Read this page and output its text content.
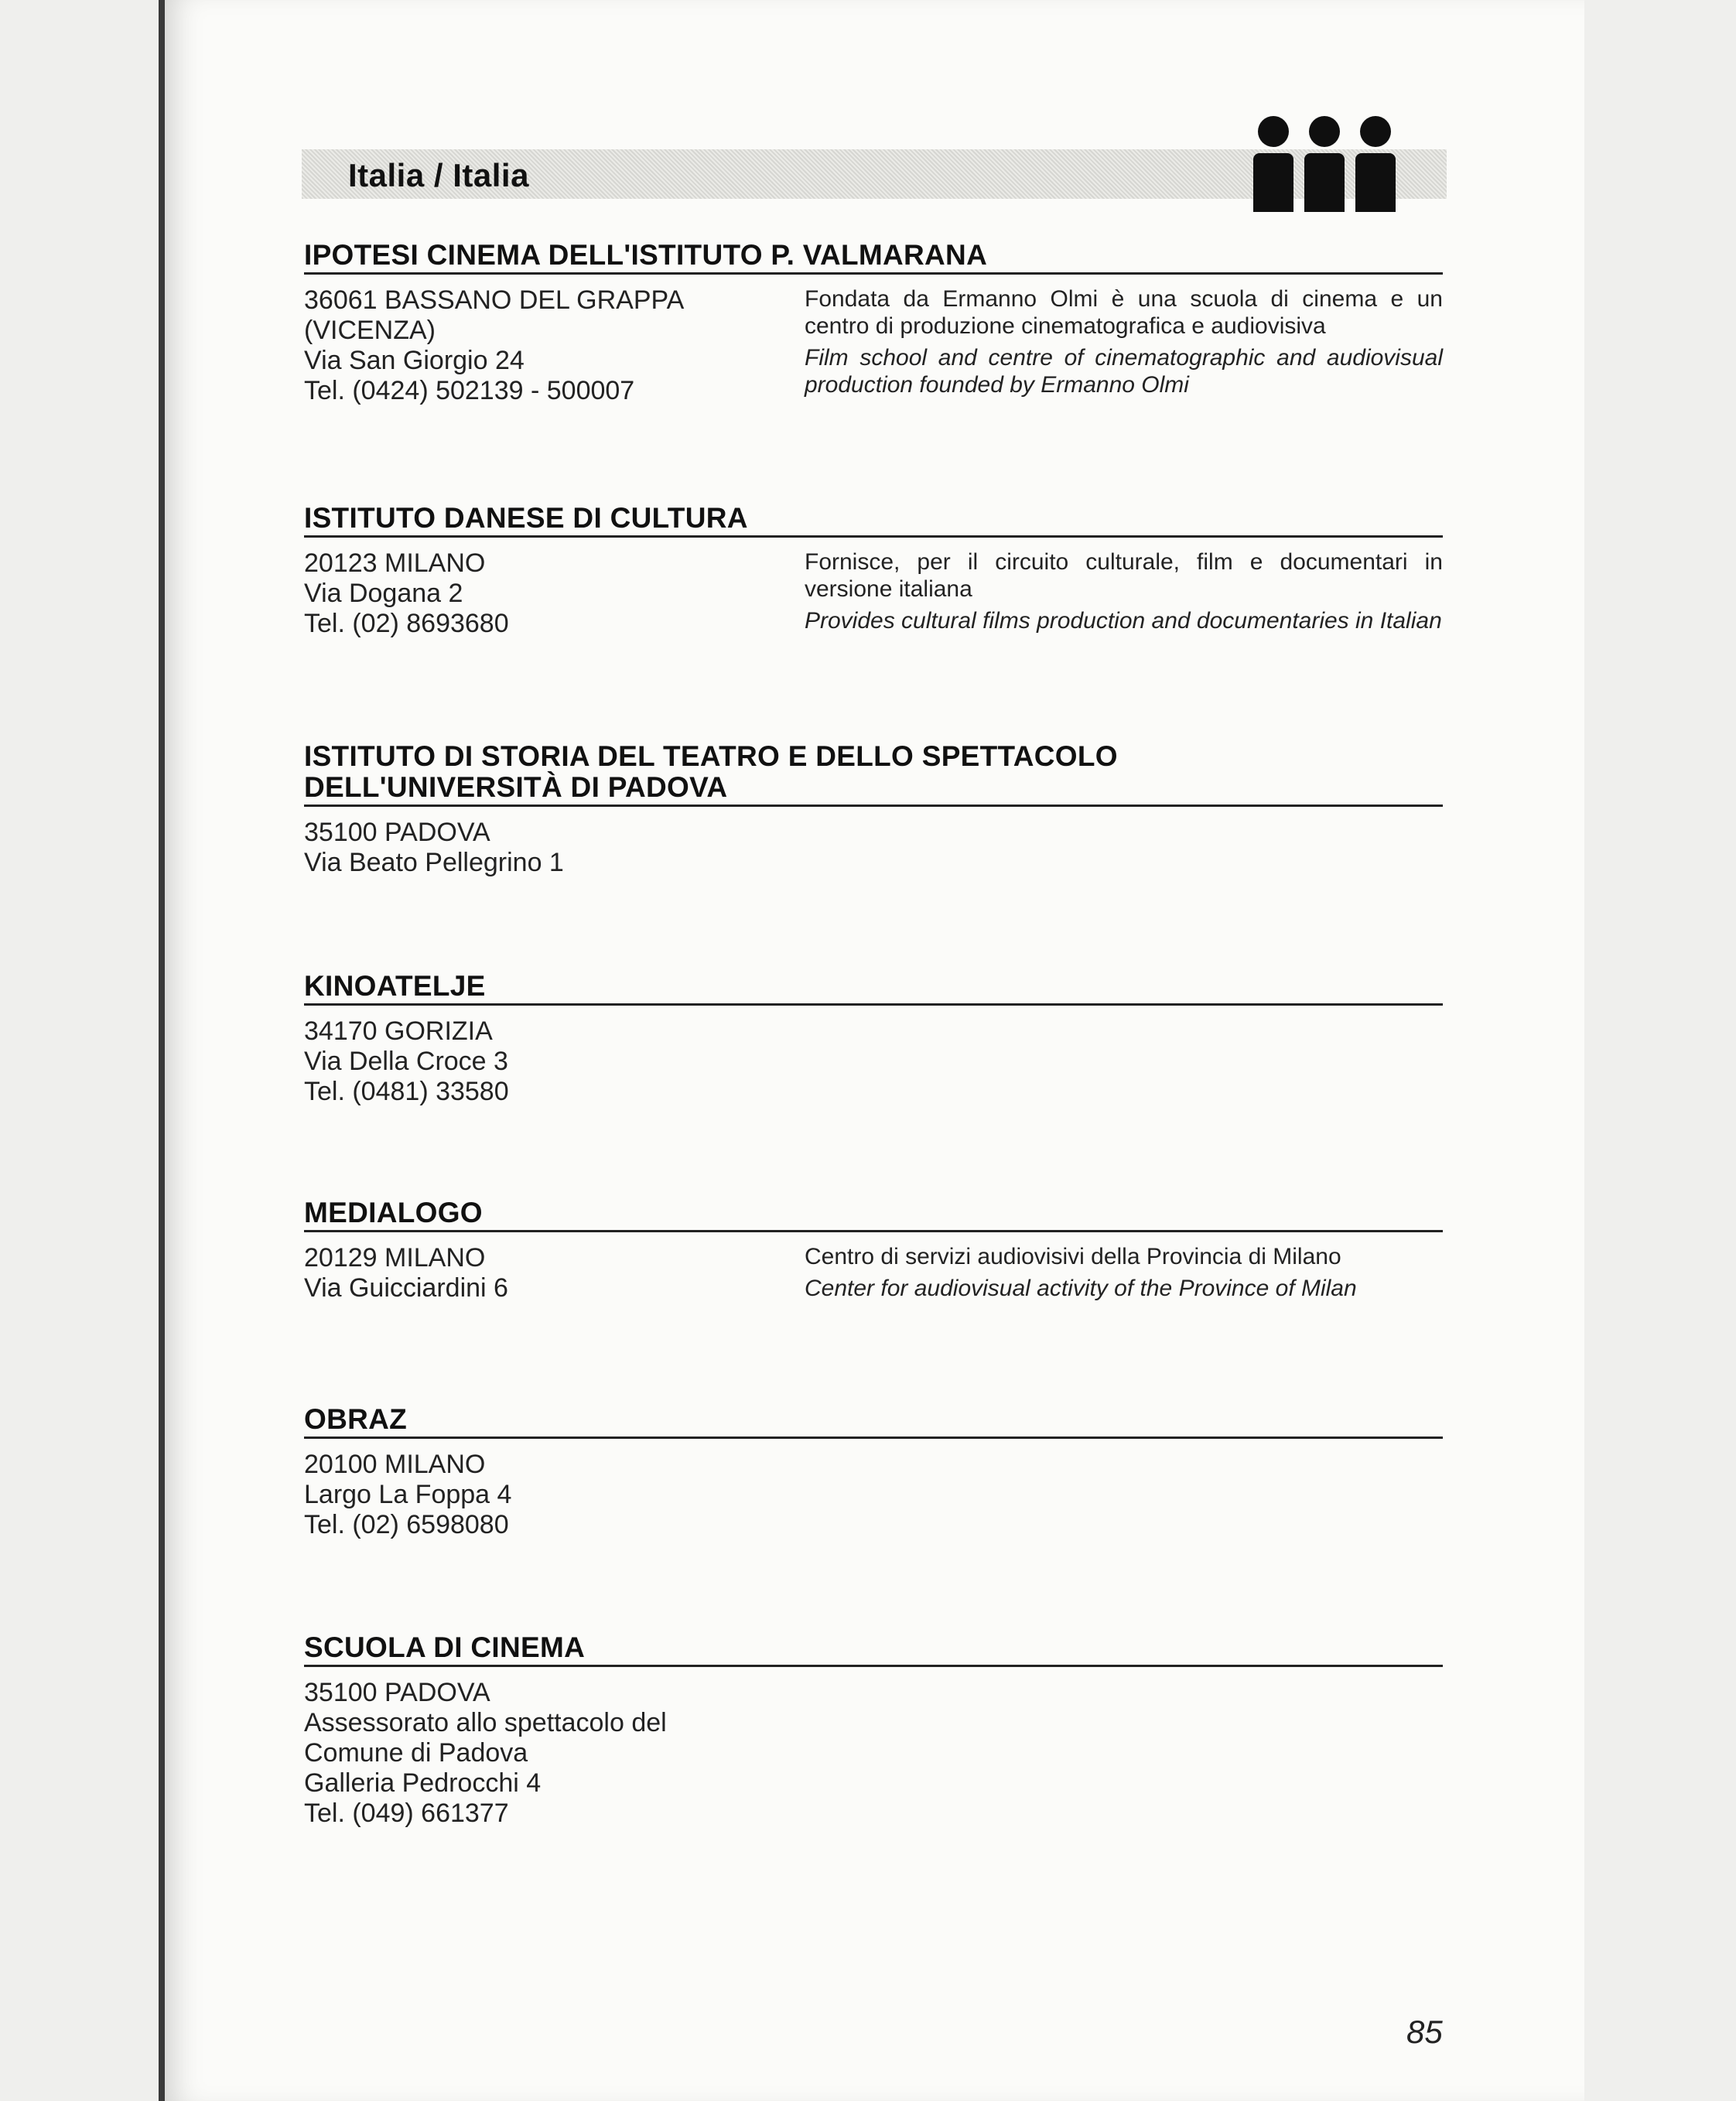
Italia / Italia
IPOTESI CINEMA DELL'ISTITUTO P. VALMARANA
36061 BASSANO DEL GRAPPA
(VICENZA)
Via San Giorgio 24
Tel. (0424) 502139 - 500007
Fondata da Ermanno Olmi è una scuola di cinema e un centro di produzione cinematografica e audiovisiva
Film school and centre of cinematographic and audiovisual production founded by Ermanno Olmi
ISTITUTO DANESE DI CULTURA
20123 MILANO
Via Dogana 2
Tel. (02) 8693680
Fornisce, per il circuito culturale, film e documentari in versione italiana
Provides cultural films production and documentaries in Italian
ISTITUTO DI STORIA DEL TEATRO E DELLO SPETTACOLO
DELL'UNIVERSITÀ DI PADOVA
35100 PADOVA
Via Beato Pellegrino 1
KINOATELJE
34170 GORIZIA
Via Della Croce 3
Tel. (0481) 33580
MEDIALOGO
20129 MILANO
Via Guicciardini 6
Centro di servizi audiovisivi della Provincia di Milano
Center for audiovisual activity of the Province of Milan
OBRAZ
20100 MILANO
Largo La Foppa 4
Tel. (02) 6598080
SCUOLA DI CINEMA
35100 PADOVA
Assessorato allo spettacolo del
Comune di Padova
Galleria Pedrocchi 4
Tel. (049) 661377
85
